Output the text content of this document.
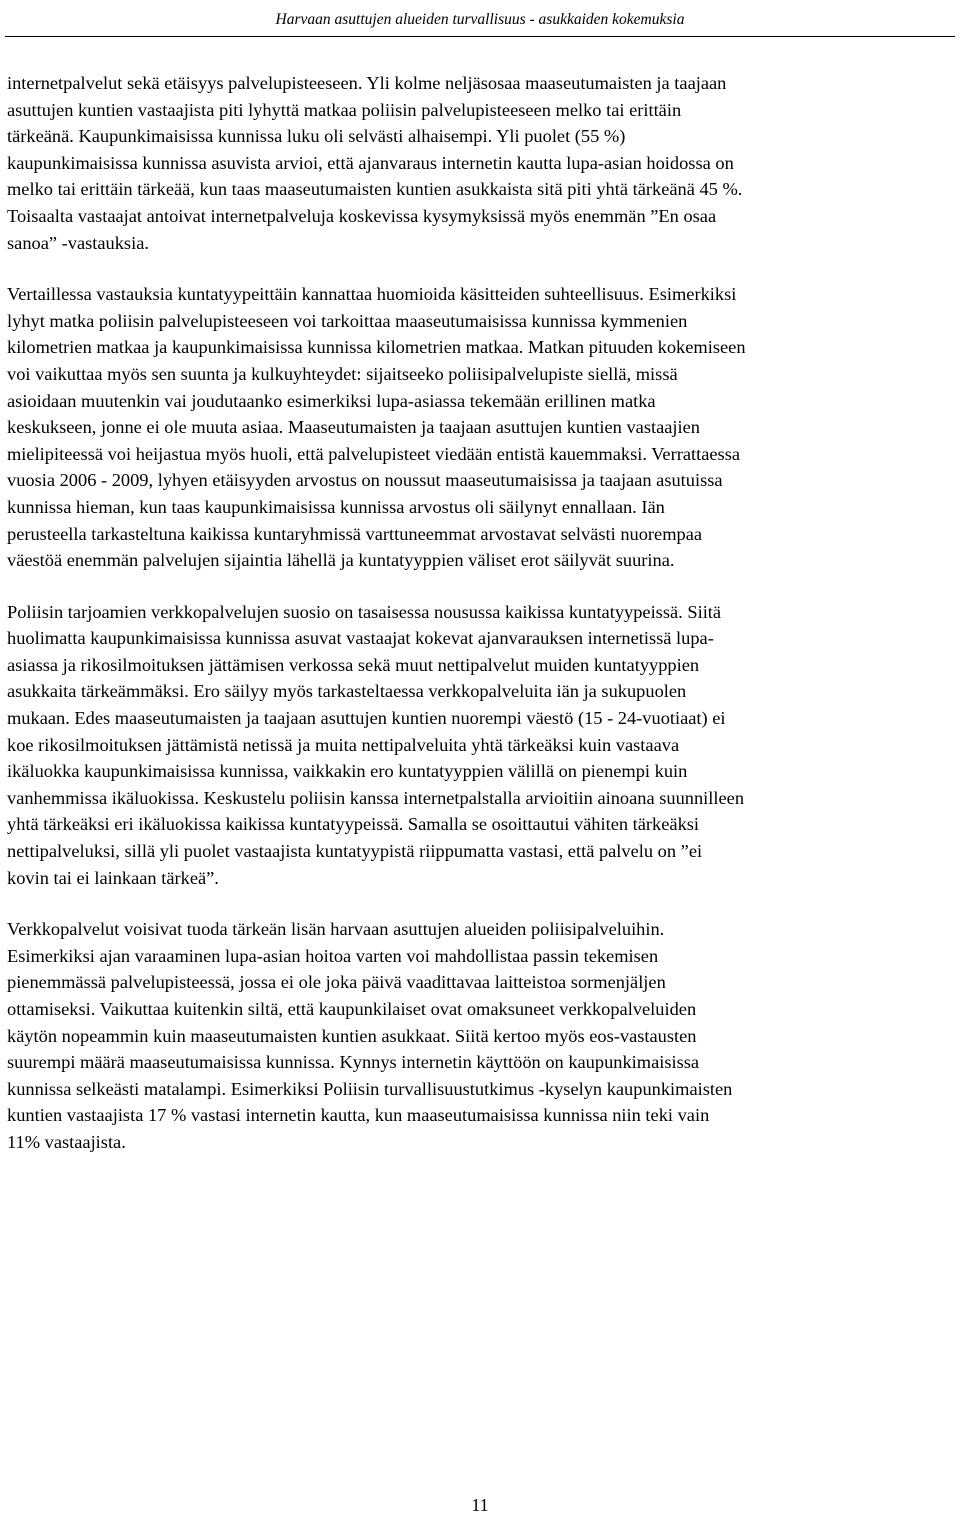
Harvaan asuttujen alueiden turvallisuus - asukkaiden kokemuksia

internetpalvelut sekä etäisyys palvelupisteeseen. Yli kolme neljäsosaa maaseutumaisten ja taajaan
asuttujen kuntien vastaajista piti lyhyttä matkaa poliisin palvelupisteeseen melko tai erittäin
tärkeänä. Kaupunkimaisissa kunnissa luku oli selvästi alhaisempi. Yli puolet (55 %)
kaupunkimaisissa kunnissa asuvista arvioi, että ajanvaraus internetin kautta lupa-asian hoidossa on
melko tai erittäin tärkeää, kun taas maaseutumaisten kuntien asukkaista sitä piti yhtä tärkeänä 45 %.
Toisaalta vastaajat antoivat internetpalveluja koskevissa kysymyksissä myös enemmän ”En osaa
sanoa” -vastauksia.

Vertaillessa vastauksia kuntatyypeittäin kannattaa huomioida käsitteiden suhteellisuus. Esimerkiksi
lyhyt matka poliisin palvelupisteeseen voi tarkoittaa maaseutumaisissa kunnissa kymmenien
kilometrien matkaa ja kaupunkimaisissa kunnissa kilometrien matkaa. Matkan pituuden kokemiseen
voi vaikuttaa myös sen suunta ja kulkuyhteydet: sijaitseeko poliisipalvelupiste siellä, missä
asioidaan muutenkin vai joudutaanko esimerkiksi lupa-asiassa tekemään erillinen matka
keskukseen, jonne ei ole muuta asiaa. Maaseutumaisten ja taajaan asuttujen kuntien vastaajien
mielipiteessä voi heijastua myös huoli, että palvelupisteet viedään entistä kauemmaksi. Verrattaessa
vuosia 2006 - 2009, lyhyen etäisyyden arvostus on noussut maaseutumaisissa ja taajaan asutuissa
kunnissa hieman, kun taas kaupunkimaisissa kunnissa arvostus oli säilynyt ennallaan. Iän
perusteella tarkasteltuna kaikissa kuntaryhmissä varttuneemmat arvostavat selvästi nuorempaa
väestöä enemmän palvelujen sijaintia lähellä ja kuntatyyppien väliset erot säilyvät suurina.

Poliisin tarjoamien verkkopalvelujen suosio on tasaisessa nousussa kaikissa kuntatyypeissä. Siitä
huolimatta kaupunkimaisissa kunnissa asuvat vastaajat kokevat ajanvarauksen internetissä lupa-
asiassa ja rikosilmoituksen jättämisen verkossa sekä muut nettipalvelut muiden kuntatyyppien
asukkaita tärkeämmäksi. Ero säilyy myös tarkasteltaessa verkkopalveluita iän ja sukupuolen
mukaan. Edes maaseutumaisten ja taajaan asuttujen kuntien nuorempi väestö (15 - 24-vuotiaat) ei
koe rikosilmoituksen jättämistä netissä ja muita nettipalveluita yhtä tärkeäksi kuin vastaava
ikäluokka kaupunkimaisissa kunnissa, vaikkakin ero kuntatyyppien välillä on pienempi kuin
vanhemmissa ikäluokissa. Keskustelu poliisin kanssa internetpalstalla arvioitiin ainoana suunnilleen
yhtä tärkeäksi eri ikäluokissa kaikissa kuntatyypeissä. Samalla se osoittautui vähiten tärkeäksi
nettipalveluksi, sillä yli puolet vastaajista kuntatyypistä riippumatta vastasi, että palvelu on ”ei
kovin tai ei lainkaan tärkeä”.

Verkkopalvelut voisivat tuoda tärkeän lisän harvaan asuttujen alueiden poliisipalveluihin.
Esimerkiksi ajan varaaminen lupa-asian hoitoa varten voi mahdollistaa passin tekemisen
pienemmässä palvelupisteessä, jossa ei ole joka päivä vaadittavaa laitteistoa sormenjäljen
ottamiseksi. Vaikuttaa kuitenkin siltä, että kaupunkilaiset ovat omaksuneet verkkopalveluiden
käytön nopeammin kuin maaseutumaisten kuntien asukkaat. Siitä kertoo myös eos-vastausten
suurempi määrä maaseutumaisissa kunnissa. Kynnys internetin käyttöön on kaupunkimaisissa
kunnissa selkeästi matalampi. Esimerkiksi Poliisin turvallisuustutkimus -kyselyn kaupunkimaisten
kuntien vastaajista 17 % vastasi internetin kautta, kun maaseutumaisissa kunnissa niin teki vain
11% vastaajista.

11
